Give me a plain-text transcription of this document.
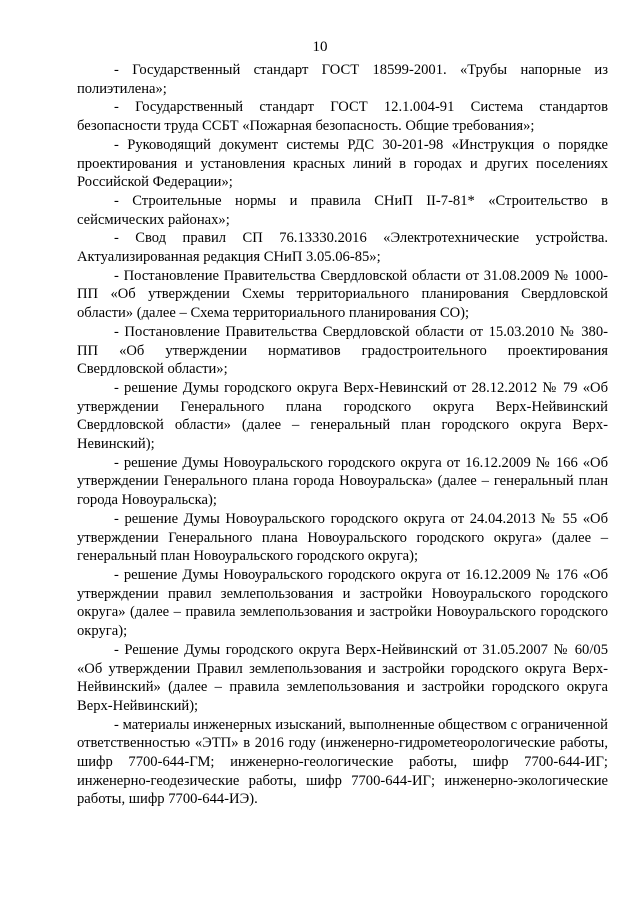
10

- Государственный стандарт ГОСТ 18599-2001. «Трубы напорные из полиэтилена»;

- Государственный стандарт ГОСТ 12.1.004-91 Система стандартов безопасности труда ССБТ «Пожарная безопасность. Общие требования»;

- Руководящий документ системы РДС 30-201-98 «Инструкция о порядке проектирования и установления красных линий в городах и других поселениях Российской Федерации»;

- Строительные нормы и правила СНиП II-7-81* «Строительство в сейсмических районах»;

- Свод правил СП 76.13330.2016 «Электротехнические устройства. Актуализированная редакция СНиП 3.05.06-85»;

- Постановление Правительства Свердловской области от 31.08.2009 № 1000-ПП «Об утверждении Схемы территориального планирования Свердловской области» (далее – Схема территориального планирования СО);

- Постановление Правительства Свердловской области от 15.03.2010 № 380-ПП «Об утверждении нормативов градостроительного проектирования Свердловской области»;

- решение Думы городского округа Верх-Невинский от 28.12.2012 № 79 «Об утверждении Генерального плана городского округа Верх-Нейвинский Свердловской области» (далее – генеральный план городского округа Верх-Невинский);

- решение Думы Новоуральского городского округа от 16.12.2009 № 166 «Об утверждении Генерального плана города Новоуральска» (далее – генеральный план города Новоуральска);

- решение Думы Новоуральского городского округа от 24.04.2013 № 55 «Об утверждении Генерального плана Новоуральского городского округа» (далее – генеральный план Новоуральского городского округа);

- решение Думы Новоуральского городского округа от 16.12.2009 № 176 «Об утверждении правил землепользования и застройки Новоуральского городского округа» (далее – правила землепользования и застройки Новоуральского городского округа);

- Решение Думы городского округа Верх-Нейвинский от 31.05.2007 № 60/05 «Об утверждении Правил землепользования и застройки городского округа Верх-Нейвинский» (далее – правила землепользования и застройки городского округа Верх-Нейвинский);

- материалы инженерных изысканий, выполненные обществом с ограниченной ответственностью «ЭТП» в 2016 году (инженерно-гидрометеорологические работы, шифр 7700-644-ГМ; инженерно-геологические работы, шифр 7700-644-ИГ; инженерно-геодезические работы, шифр 7700-644-ИГ; инженерно-экологические работы, шифр 7700-644-ИЭ).
